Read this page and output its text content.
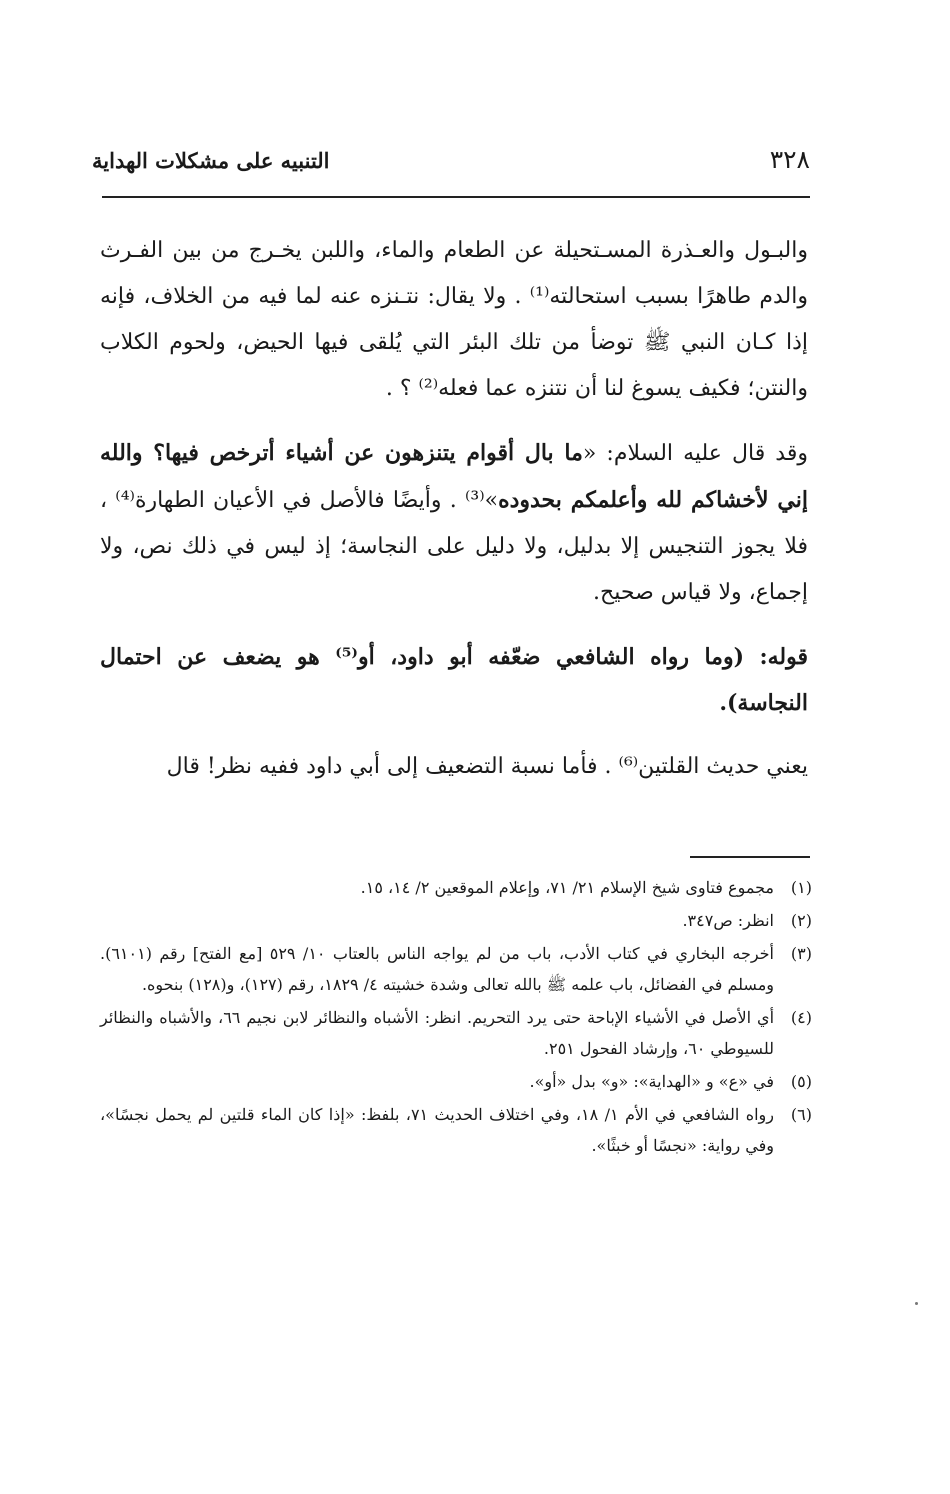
٣٢٨
التنبيه على مشكلات الهداية

والبـول والعـذرة المسـتحيلة عن الطعام والماء، واللبن يخـرج من بين الفـرث والدم طاهرًا بسبب استحالته⁽¹⁾ . ولا يقال: نتـنزه عنه لما فيه من الخلاف، فإنه إذا كـان النبي ﷺ توضأ من تلك البئر التي يُلقى فيها الحيض، ولحوم الكلاب والنتن؛ فكيف يسوغ لنا أن نتنزه عما فعله⁽²⁾ ؟ .

وقد قال عليه السلام: «ما بال أقوام يتنزهون عن أشياء أترخص فيها؟ والله إني لأخشاكم لله وأعلمكم بحدوده»⁽³⁾ . وأيضًا فالأصل في الأعيان الطهارة⁽⁴⁾ ، فلا يجوز التنجيس إلا بدليل، ولا دليل على النجاسة؛ إذ ليس في ذلك نص، ولا إجماع، ولا قياس صحيح.

قوله: (وما رواه الشافعي ضعّفه أبو داود، أو⁽⁵⁾ هو يضعف عن احتمال النجاسة).

يعني حديث القلتين⁽⁶⁾ . فأما نسبة التضعيف إلى أبي داود ففيه نظر! قال

(١)
مجموع فتاوى شيخ الإسلام ٢١/ ٧١، وإعلام الموقعين ٢/ ١٤، ١٥.
(٢)
انظر: ص٣٤٧.
(٣)
أخرجه البخاري في كتاب الأدب، باب من لم يواجه الناس بالعتاب ١٠/ ٥٢٩ [مع الفتح] رقم (٦١٠١). ومسلم في الفضائل، باب علمه ﷺ بالله تعالى وشدة خشيته ٤/ ١٨٢٩، رقم (١٢٧)، و(١٢٨) بنحوه.
(٤)
أي الأصل في الأشياء الإباحة حتى يرد التحريم. انظر: الأشباه والنظائر لابن نجيم ٦٦، والأشباه والنظائر للسيوطي ٦٠، وإرشاد الفحول ٢٥١.
(٥)
في «ع» و «الهداية»: «و» بدل «أو».
(٦)
رواه الشافعي في الأم ١/ ١٨، وفي اختلاف الحديث ٧١، بلفظ: «إذا كان الماء قلتين لم يحمل نجسًا»، وفي رواية: «نجسًا أو خبثًا».
